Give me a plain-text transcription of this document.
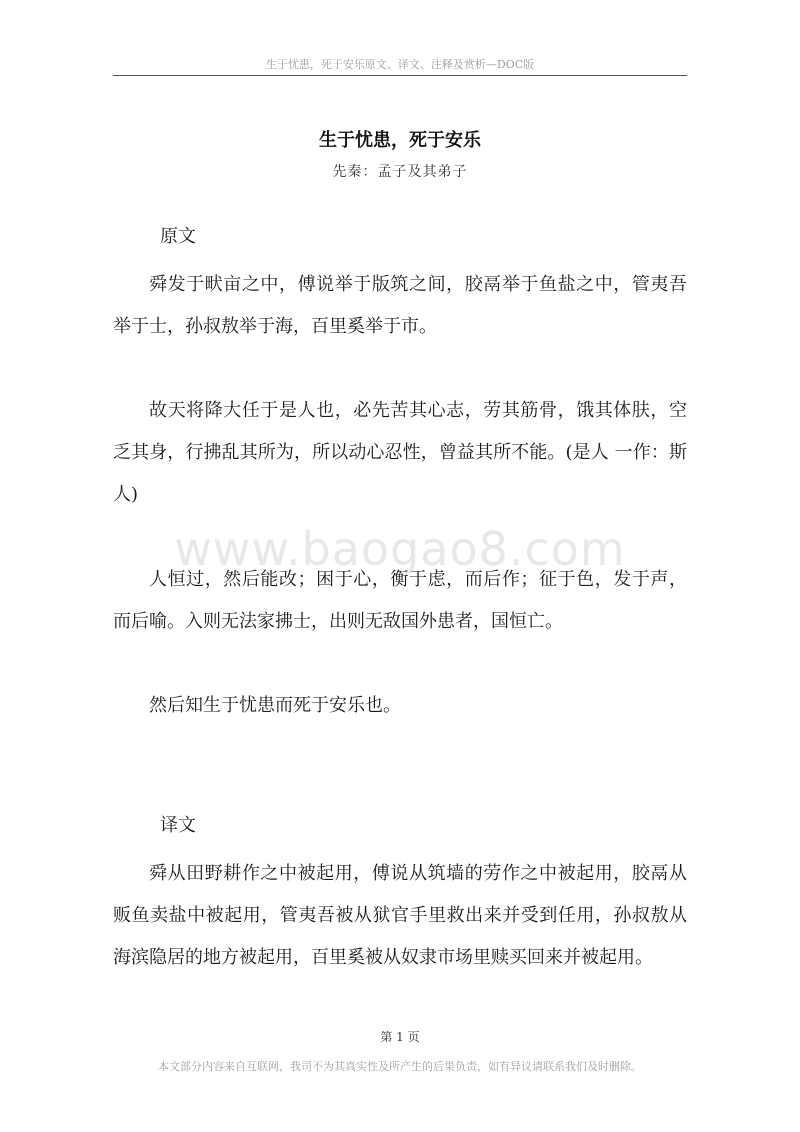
生于忧患，死于安乐原文、译文、注释及赏析—DOC版
生于忧患，死于安乐
先秦：孟子及其弟子
原文

舜发于畎亩之中，傅说举于版筑之间，胶鬲举于鱼盐之中，管夷吾举于士，孙叔敖举于海，百里奚举于市。

故天将降大任于是人也，必先苦其心志，劳其筋骨，饿其体肤，空乏其身，行拂乱其所为，所以动心忍性，曾益其所不能。(是人 一作：斯人)

www.baogao8.com

人恒过，然后能改；困于心，衡于虑，而后作；征于色，发于声，而后喻。入则无法家拂士，出则无敌国外患者，国恒亡。

然后知生于忧患而死于安乐也。

译文

舜从田野耕作之中被起用，傅说从筑墙的劳作之中被起用，胶鬲从贩鱼卖盐中被起用，管夷吾被从狱官手里救出来并受到任用，孙叔敖从海滨隐居的地方被起用，百里奚被从奴隶市场里赎买回来并被起用。

第 1 页
本文部分内容来自互联网，我司不为其真实性及所产生的后果负责，如有异议请联系我们及时删除。
